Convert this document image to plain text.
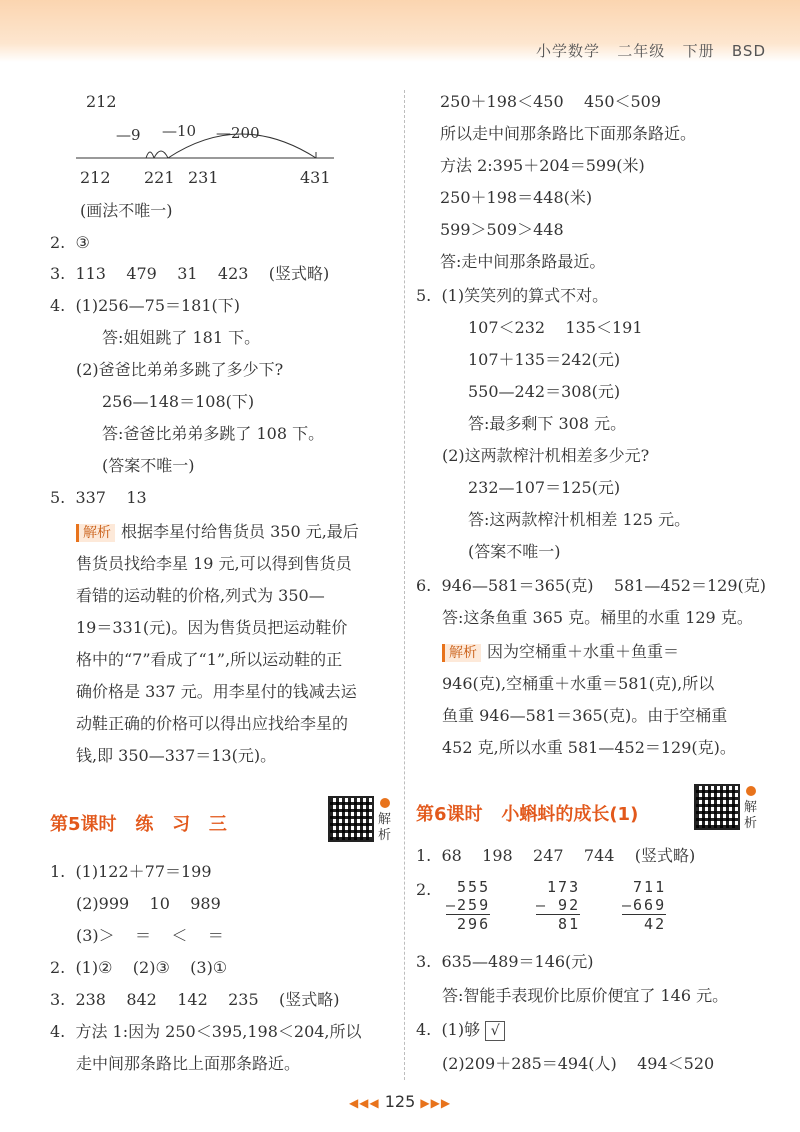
小学数学   二年级   下册   BSD
212
—9 —10 —200
212 221 231	431
(画法不唯一)
2.  ③
3.  113    479    31    423    (竖式略)
4.  (1)256—75＝181(下)
答:姐姐跳了 181 下。
(2)爸爸比弟弟多跳了多少下?
256—148＝108(下)
答:爸爸比弟弟多跳了 108 下。
(答案不唯一)
5.  337    13
解析 根据李星付给售货员 350 元,最后
售货员找给李星 19 元,可以得到售货员
看错的运动鞋的价格,列式为 350—
19＝331(元)。因为售货员把运动鞋价
格中的“7”看成了“1”,所以运动鞋的正
确价格是 337 元。用李星付的钱减去运
动鞋正确的价格可以得出应找给李星的
钱,即 350—337＝13(元)。
第5课时   练   习   三	解析
1.  (1)122＋77＝199
(2)999    10    989
(3)＞    ＝    ＜    ＝
2.  (1)②    (2)③    (3)①
3.  238    842    142    235    (竖式略)
4.  方法 1:因为 250＜395,198＜204,所以
走中间那条路比上面那条路近。
250＋198＜450    450＜509
所以走中间那条路比下面那条路近。
方法 2:395＋204＝599(米)
250＋198＝448(米)
599＞509＞448
答:走中间那条路最近。
5.  (1)笑笑列的算式不对。
107＜232    135＜191
107＋135＝242(元)
550—242＝308(元)
答:最多剩下 308 元。
(2)这两款榨汁机相差多少元?
232—107＝125(元)
答:这两款榨汁机相差 125 元。
(答案不唯一)
6.  946—581＝365(克)    581—452＝129(克)
答:这条鱼重 365 克。桶里的水重 129 克。
解析 因为空桶重＋水重＋鱼重＝
946(克),空桶重＋水重＝581(克),所以
鱼重 946—581＝365(克)。由于空桶重
452 克,所以水重 581—452＝129(克)。
第6课时   小蝌蚪的成长(1)	解析
1.  68    198    247    744    (竖式略)
2. 555
—259
296
173
— 92
81
711
—669
42
3.  635—489＝146(元)
答:智能手表现价比原价便宜了 146 元。
4.  (1)够 √
(2)209＋285＝494(人)    494＜520
◀◀◀ 125 ▶▶▶
